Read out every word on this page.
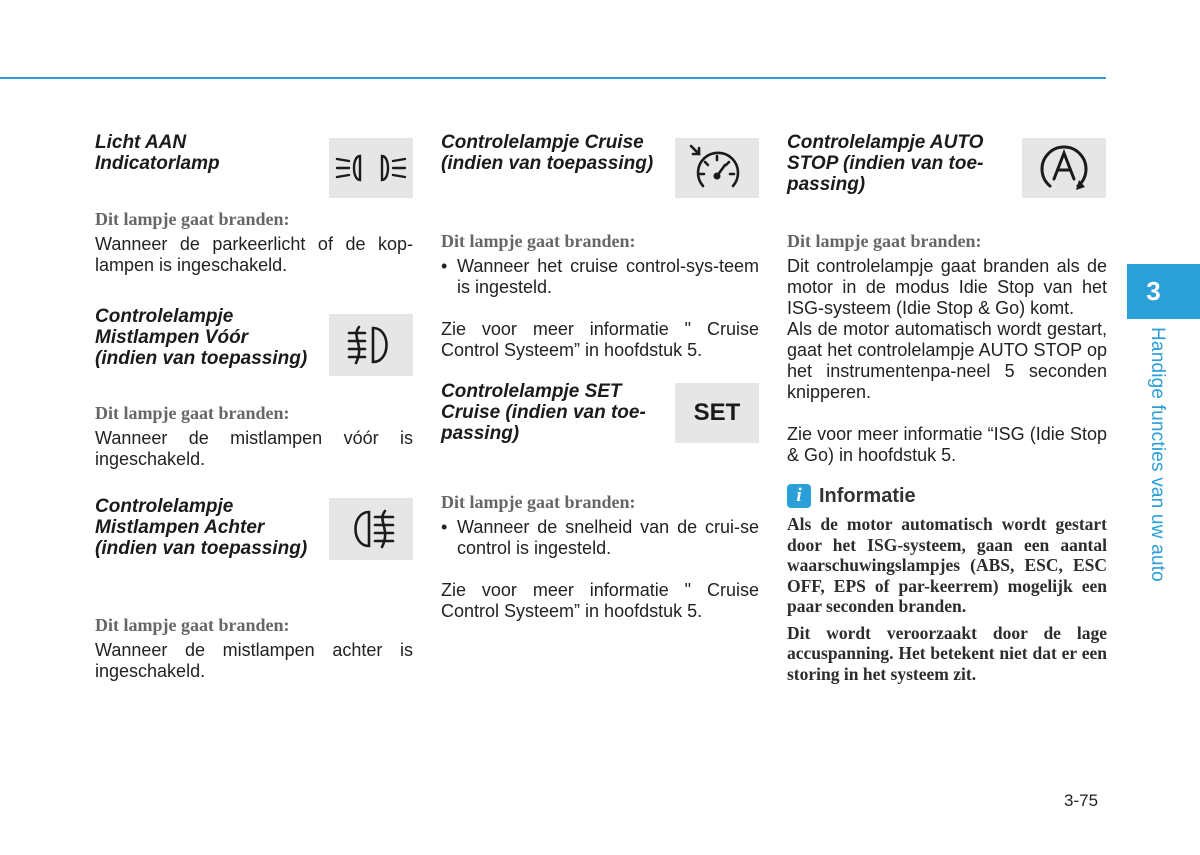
Licht AAN
Indicatorlamp

Dit lampje gaat branden:

Wanneer de parkeerlicht of de kop-lampen is ingeschakeld.

Controlelampje
Mistlampen Vóór
(indien van toepassing)

Dit lampje gaat branden:

Wanneer de mistlampen vóór is ingeschakeld.

Controlelampje
Mistlampen Achter
(indien van toepassing)

Dit lampje gaat branden:

Wanneer de mistlampen achter is ingeschakeld.

Controlelampje Cruise
(indien van toepassing)

Dit lampje gaat branden:

• Wanneer het cruise control-sys-teem is ingesteld.

Zie voor meer informatie " Cruise Control Systeem” in hoofdstuk 5.

Controlelampje SET
Cruise (indien van toe-
passing)
SET

Dit lampje gaat branden:

• Wanneer de snelheid van de crui-se control is ingesteld.

Zie voor meer informatie " Cruise Control Systeem” in hoofdstuk 5.

Controlelampje AUTO
STOP (indien van toe-
passing)

Dit lampje gaat branden:

Dit controlelampje gaat branden als de motor in de modus Idie Stop van het ISG-systeem (Idie Stop & Go) komt.

Als de motor automatisch wordt gestart, gaat het controlelampje AUTO STOP op het instrumentenpa-neel 5 seconden knipperen.

Zie voor meer informatie “ISG (Idie Stop & Go) in hoofdstuk 5.

i Informatie

Als de motor automatisch wordt gestart door het ISG-systeem, gaan een aantal waarschuwingslampjes (ABS, ESC, ESC OFF, EPS of par-keerrem) mogelijk een paar seconden branden.

Dit wordt veroorzaakt door de lage accuspanning. Het betekent niet dat er een storing in het systeem zit.

3
Handige functies van uw auto
3-75
